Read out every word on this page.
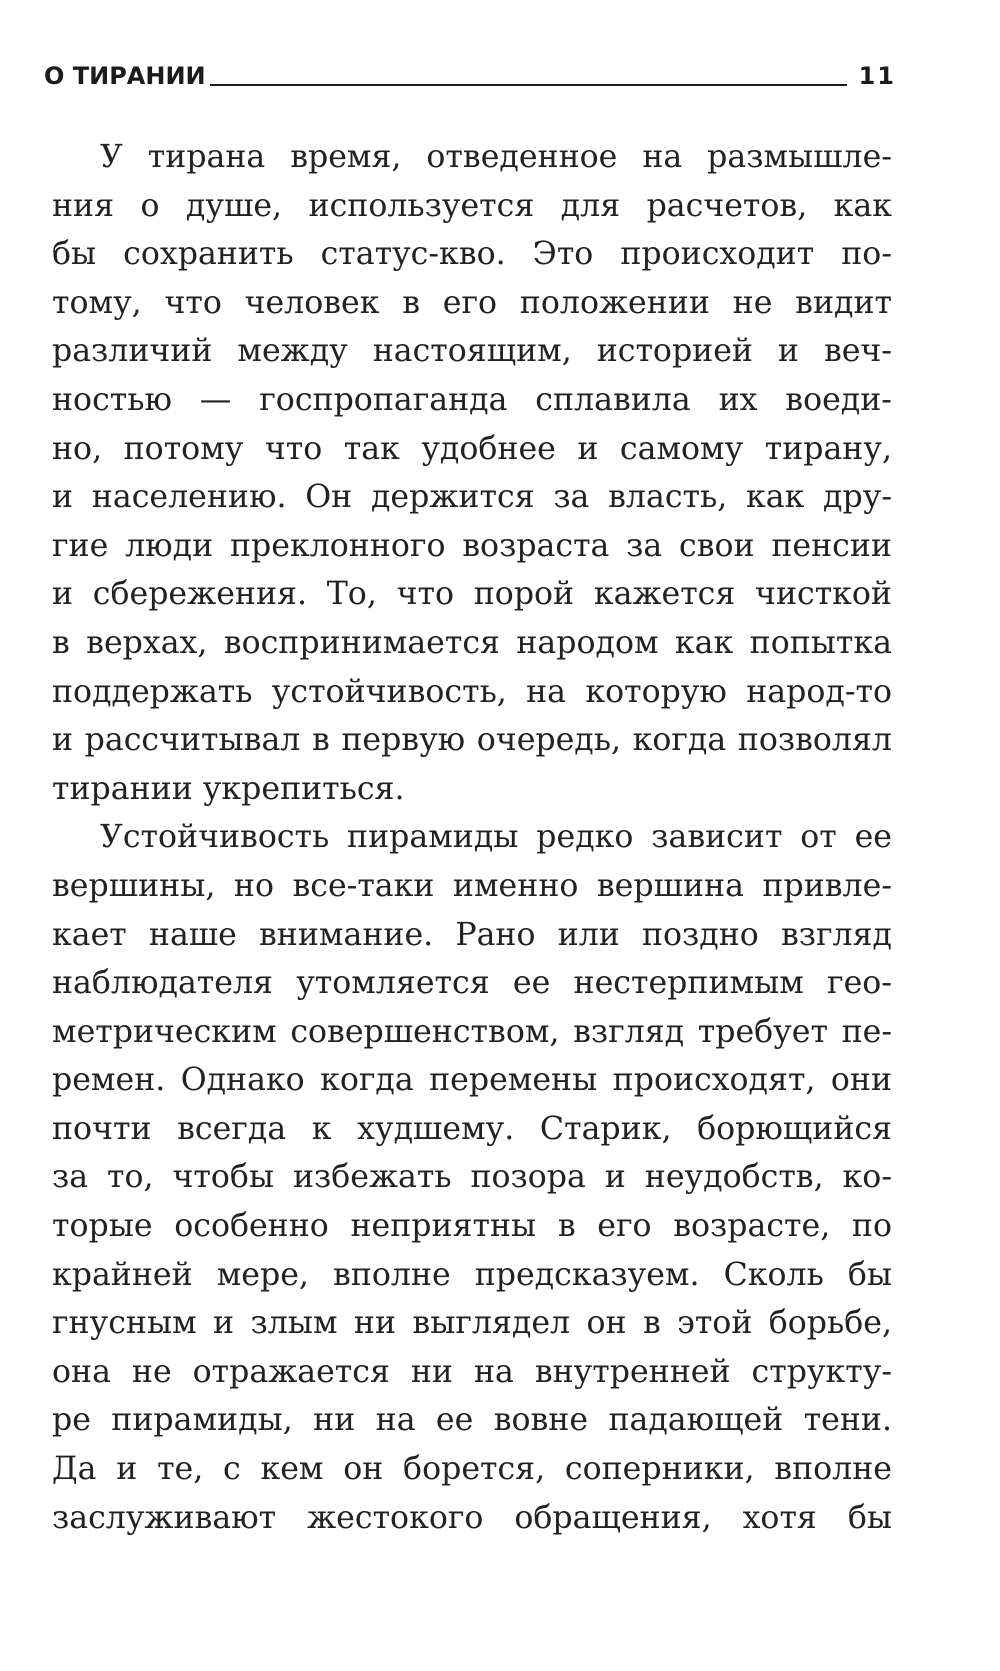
О ТИРАНИИ	11
У тирана время, отведенное на размышле-
ния о душе, используется для расчетов, как
бы сохранить статус-кво. Это происходит по-
тому, что человек в его положении не видит
различий между настоящим, историей и веч-
ностью — госпропаганда сплавила их воеди-
но, потому что так удобнее и самому тирану,
и населению. Он держится за власть, как дру-
гие люди преклонного возраста за свои пенсии
и сбережения. То, что порой кажется чисткой
в верхах, воспринимается народом как попытка
поддержать устойчивость, на которую народ-то
и рассчитывал в первую очередь, когда позволял
тирании укрепиться.
Устойчивость пирамиды редко зависит от ее
вершины, но все-таки именно вершина привле-
кает наше внимание. Рано или поздно взгляд
наблюдателя утомляется ее нестерпимым гео-
метрическим совершенством, взгляд требует пе-
ремен. Однако когда перемены происходят, они
почти всегда к худшему. Старик, борющийся
за то, чтобы избежать позора и неудобств, ко-
торые особенно неприятны в его возрасте, по
крайней мере, вполне предсказуем. Сколь бы
гнусным и злым ни выглядел он в этой борьбе,
она не отражается ни на внутренней структу-
ре пирамиды, ни на ее вовне падающей тени.
Да и те, с кем он борется, соперники, вполне
заслуживают жестокого обращения, хотя бы
